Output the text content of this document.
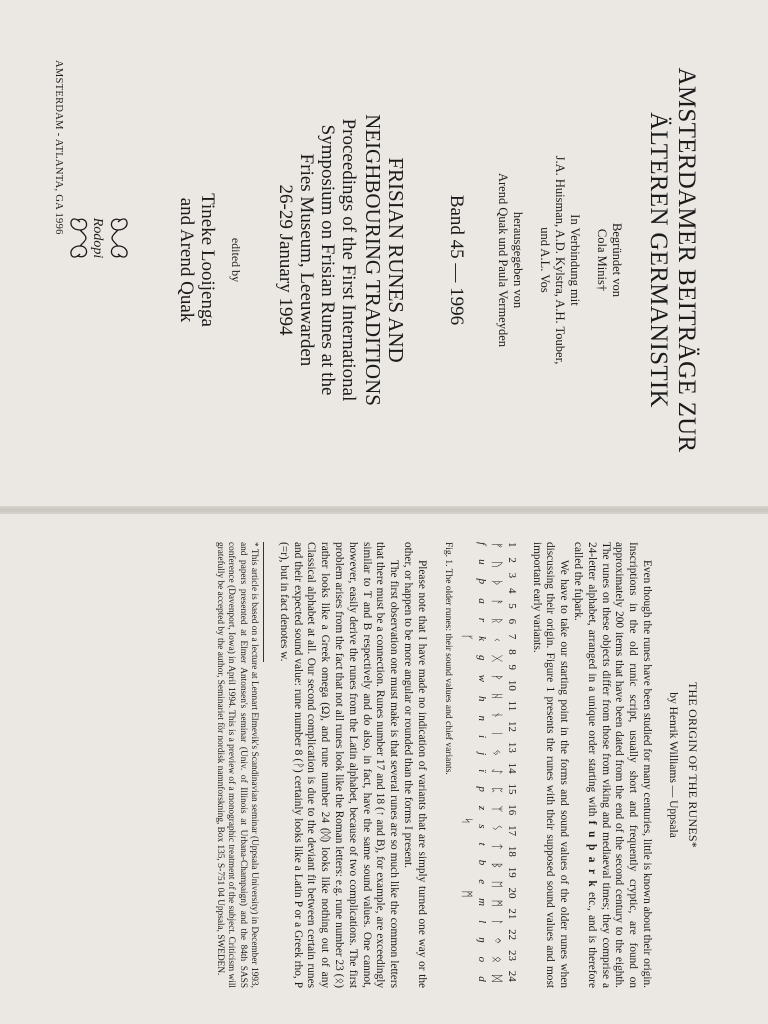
AMSTERDAMER BEITRÄGE ZUR

ÄLTEREN GERMANISTIK

Begründet von
Cola Minis†
In Verbindung mit
J.A. Huisman, A.D. Kylstra, A.H. Touber,
und A.L. Vos
herausgegeben von
Arend Quak und Paula Vermeyden
Band 45 — 1996
FRISIAN RUNES AND
NEIGHBOURING TRADITIONS
Proceedings of the First International
Symposium on Frisian Runes at the
Fries Museum, Leeuwarden
26-29 January 1994
edited by
Tineke Looijenga
and Arend Quak
Rodopi
AMSTERDAM - ATLANTA, GA 1996
THE ORIGIN OF THE RUNES*
by Henrik Williams — Uppsala

Even though the runes have been studied for many centuries, little is known about their origin. Inscriptions in the old runic script, usually short and frequently cryptic, are found on approximately 200 items that have been dated from the end of the second century to the eighth. The runes on these objects differ from those from viking and mediaeval times; they comprise a 24-letter alphabet, arranged in a unique order starting with f u þ a r k etc., and is therefore called the fuþark.

We have to take our starting point in the forms and sound values of the older runes when discussing their origin. Figure 1 presents the runes with their supposed sound values and most important early variants.

1
2
3
4
5
6
7
8
9
10
11
12
13
14
15
16
17
18
19
20
21
22
23
24
ᚠ
ᚢ
ᚦ
ᚨ
ᚱ
ᚲ
ᚷ
ᚹ
ᚺ
ᚾ
ᛁ
ᛃ
ᛇ
ᛈ
ᛉ
ᛊ
ᛏ
ᛒ
ᛖ
ᛗ
ᛚ
ᛜ
ᛟ
ᛞ
f
u
þ
a
r
k
g
w
h
n
i
j
ï
p
z
s
t
b
e
m
l
ŋ
o
d
ᚴ
ᛋ
ᛗ
Fig. 1. The older runes: their sound values and chief variants.

Please note that I have made no indication of variants that are simply turned one way or the other, or happen to be more angular or rounded than the forms I present.

The first observation one must make is that several runes are so much like the common letters that there must be a connection. Runes number 17 and 18 (↑ and B), for example, are exceedingly similar to T and B respectively and do also, in fact, have the same sound values. One cannot, however, easily derive the runes from the Latin alphabet, because of two complications. The first problem arises from the fact that not all runes look like the Roman letters: e.g. rune number 23 (ᛟ) rather looks like a Greek omega (Ω), and rune number 24 (ᛞ) looks like nothing out of any Classical alphabet at all. Our second complication is due to the deviant fit between certain runes and their expected sound value: rune number 8 (ᚹ) certainly looks like a Latin P or a Greek rho, P (=r), but in fact denotes w.

* This article is based on a lecture at Lennart Elmevik's Scandinavian seminar (Uppsala University) in December 1993, and papers presented at Elmer Antonsen's seminar (Univ. of Illinois at Urbana-Champaign) and the 84th SASS conference (Davenport, Iowa) in April 1994. This is a preview of a monographic treatment of the subject. Criticism will gratefully be accepted by the author, Seminariet för nordisk namnforskning, Box 135, S-751 04 Uppsala, SWEDEN.
